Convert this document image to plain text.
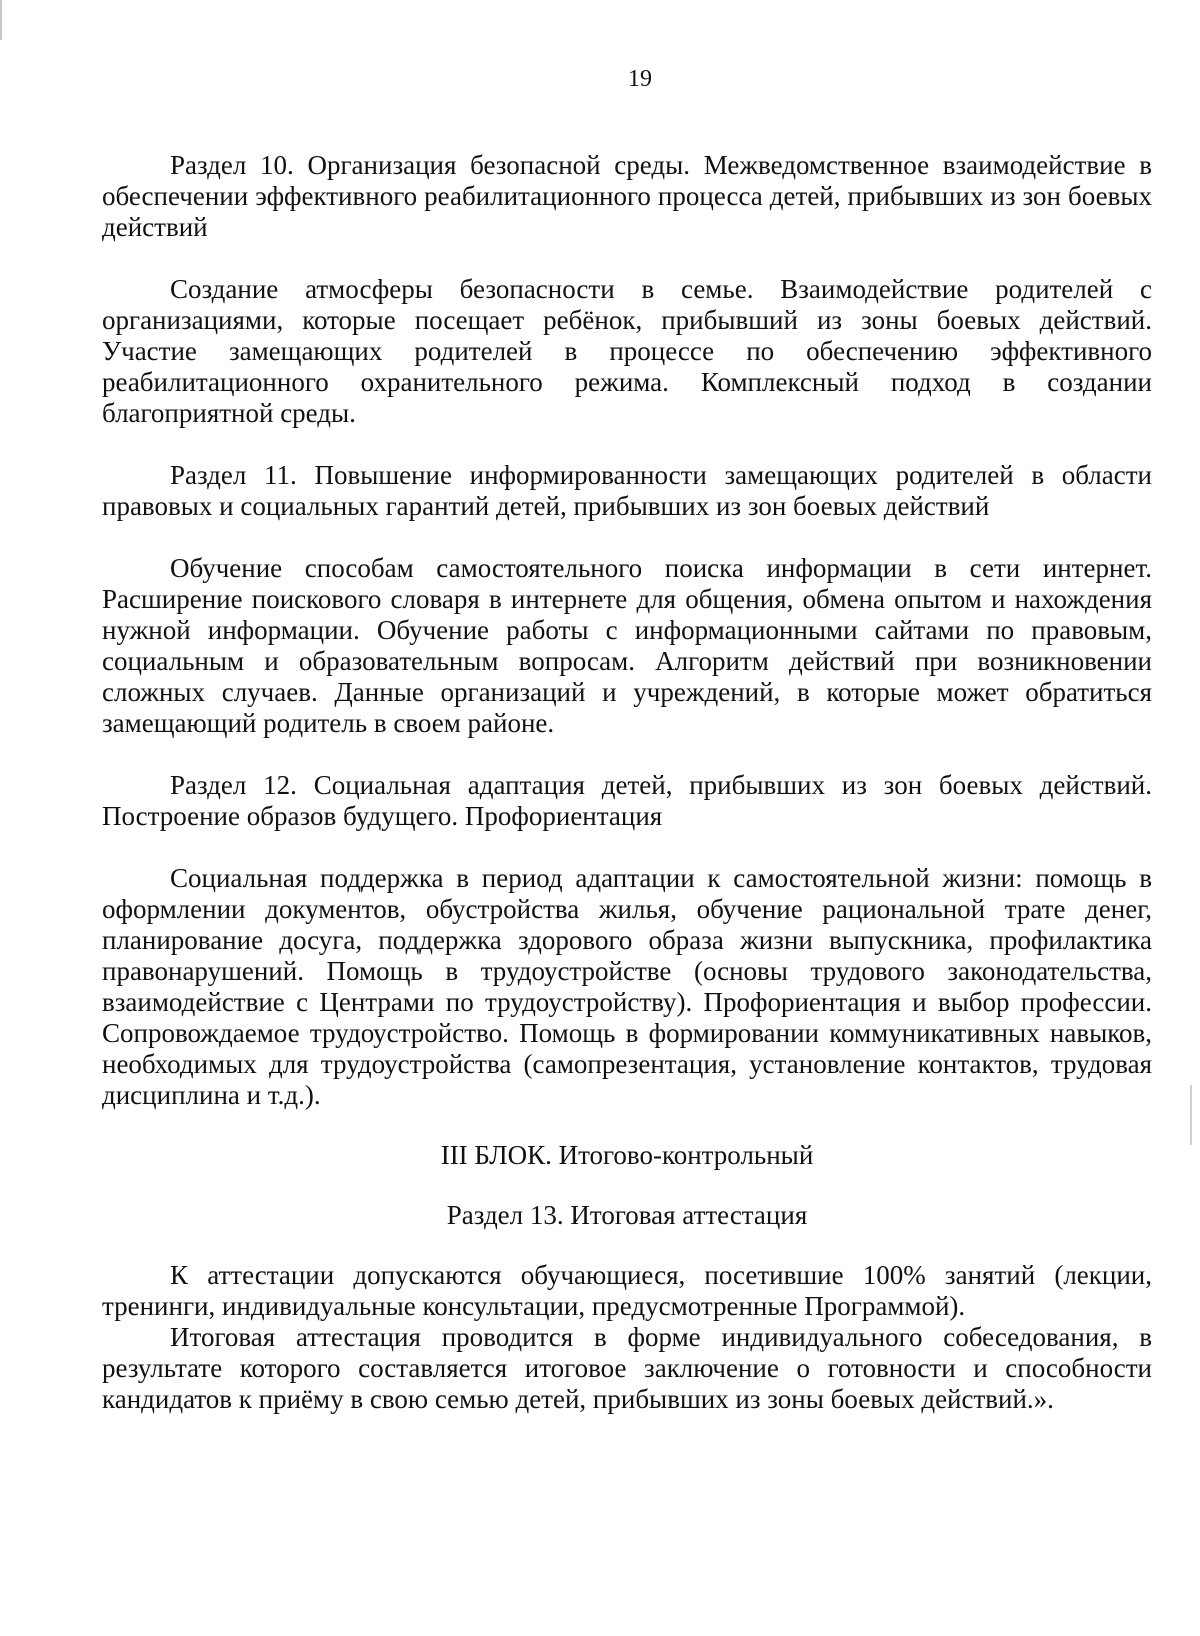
19

Раздел 10. Организация безопасной среды. Межведомственное взаимодействие в обеспечении эффективного реабилитационного процесса детей, прибывших из зон боевых действий

Создание атмосферы безопасности в семье. Взаимодействие родителей с организациями, которые посещает ребёнок, прибывший из зоны боевых действий. Участие замещающих родителей в процессе по обеспечению эффективного реабилитационного охранительного режима. Комплексный подход в создании благоприятной среды.

Раздел 11. Повышение информированности замещающих родителей в области правовых и социальных гарантий детей, прибывших из зон боевых действий

Обучение способам самостоятельного поиска информации в сети интернет. Расширение поискового словаря в интернете для общения, обмена опытом и нахождения нужной информации. Обучение работы с информационными сайтами по правовым, социальным и образовательным вопросам. Алгоритм действий при возникновении сложных случаев. Данные организаций и учреждений, в которые может обратиться замещающий родитель в своем районе.

Раздел 12. Социальная адаптация детей, прибывших из зон боевых действий. Построение образов будущего. Профориентация

Социальная поддержка в период адаптации к самостоятельной жизни: помощь в оформлении документов, обустройства жилья, обучение рациональной трате денег, планирование досуга, поддержка здорового образа жизни выпускника, профилактика правонарушений. Помощь в трудоустройстве (основы трудового законодательства, взаимодействие с Центрами по трудоустройству). Профориентация и выбор профессии. Сопровождаемое трудоустройство. Помощь в формировании коммуникативных навыков, необходимых для трудоустройства (самопрезентация, установление контактов, трудовая дисциплина и т.д.).

III БЛОК. Итогово-контрольный

Раздел 13. Итоговая аттестация

К аттестации допускаются обучающиеся, посетившие 100% занятий (лекции, тренинги, индивидуальные консультации, предусмотренные Программой).

Итоговая аттестация проводится в форме индивидуального собеседования, в результате которого составляется итоговое заключение о готовности и способности кандидатов к приёму в свою семью детей, прибывших из зоны боевых действий.».
